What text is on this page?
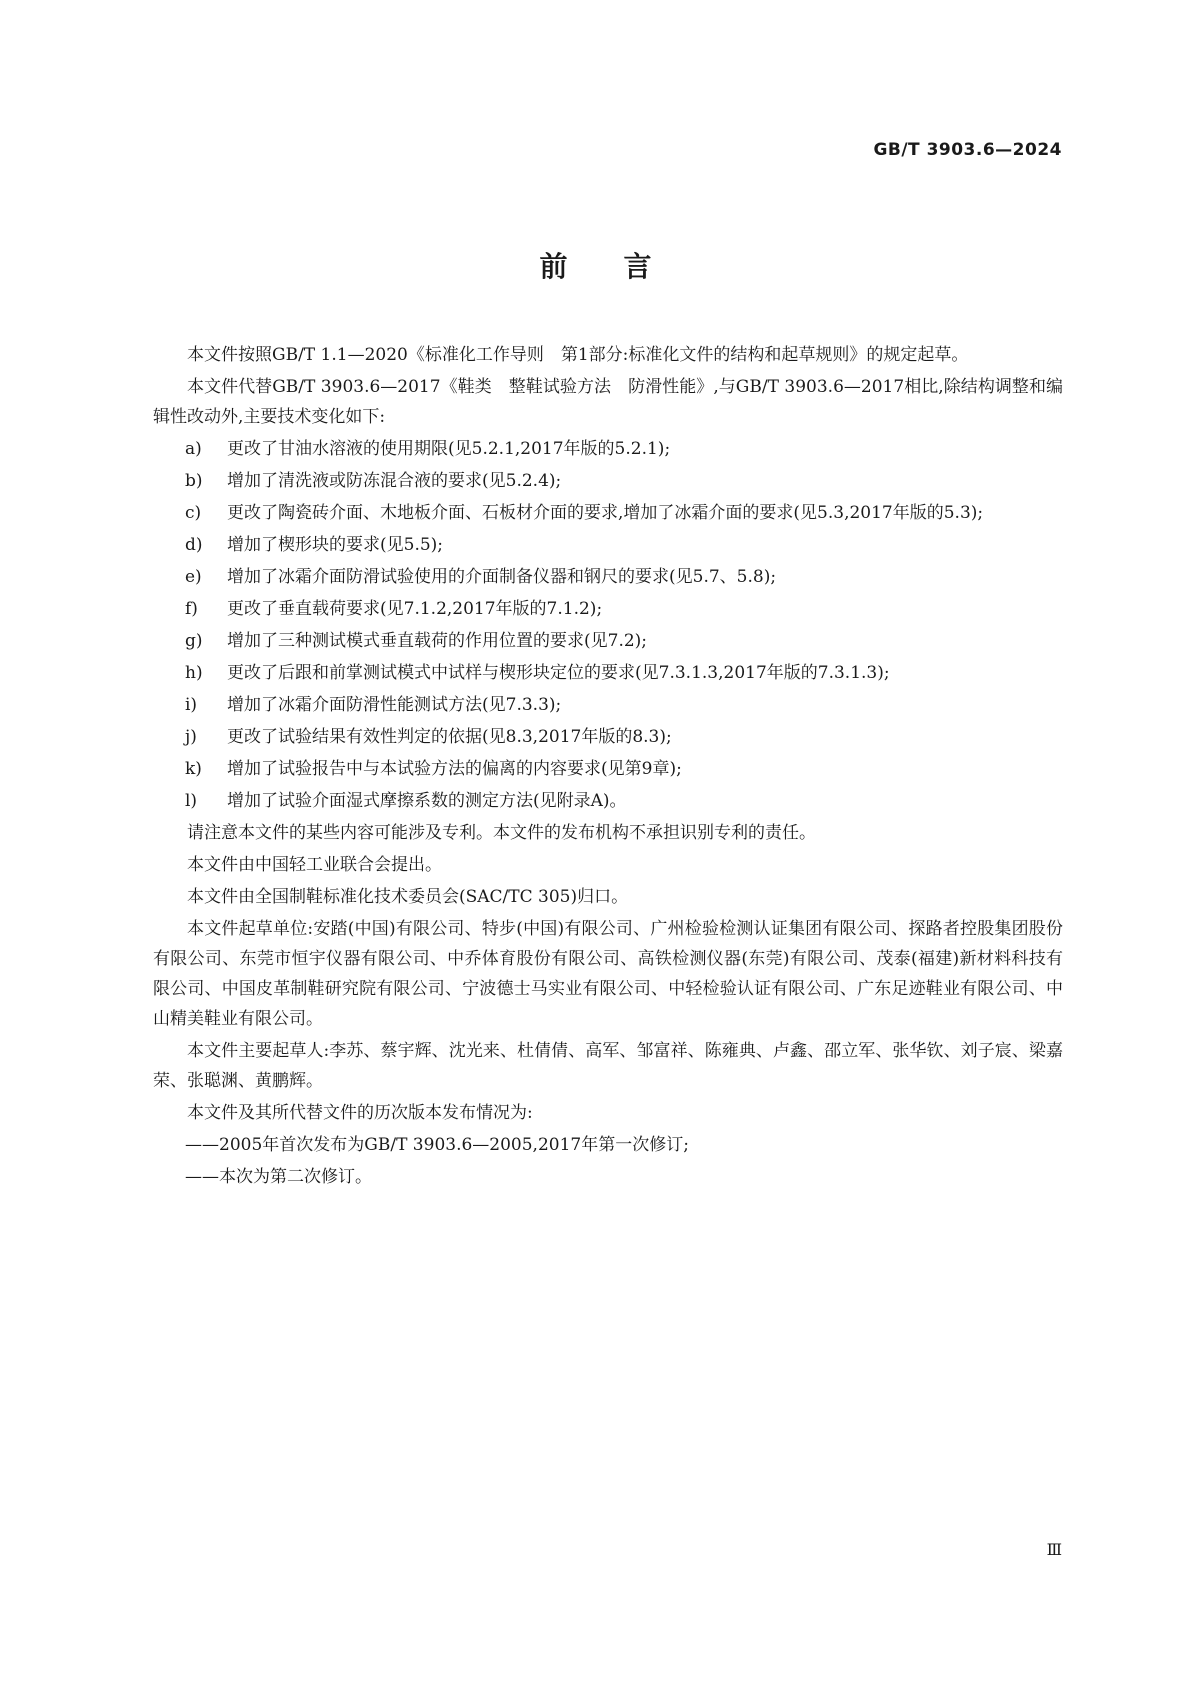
GB/T 3903.6—2024
前言

本文件按照GB/T 1.1—2020《标准化工作导则　第1部分:标准化文件的结构和起草规则》的规定起草。

本文件代替GB/T 3903.6—2017《鞋类　整鞋试验方法　防滑性能》,与GB/T 3903.6—2017相比,除结构调整和编辑性改动外,主要技术变化如下:

a)	更改了甘油水溶液的使用期限(见5.2.1,2017年版的5.2.1);
b)	增加了清洗液或防冻混合液的要求(见5.2.4);
c)	更改了陶瓷砖介面、木地板介面、石板材介面的要求,增加了冰霜介面的要求(见5.3,2017年版的5.3);
d)	增加了楔形块的要求(见5.5);
e)	增加了冰霜介面防滑试验使用的介面制备仪器和钢尺的要求(见5.7、5.8);
f)	更改了垂直载荷要求(见7.1.2,2017年版的7.1.2);
g)	增加了三种测试模式垂直载荷的作用位置的要求(见7.2);
h)	更改了后跟和前掌测试模式中试样与楔形块定位的要求(见7.3.1.3,2017年版的7.3.1.3);
i)	增加了冰霜介面防滑性能测试方法(见7.3.3);
j)	更改了试验结果有效性判定的依据(见8.3,2017年版的8.3);
k)	增加了试验报告中与本试验方法的偏离的内容要求(见第9章);
l)	增加了试验介面湿式摩擦系数的测定方法(见附录A)。

请注意本文件的某些内容可能涉及专利。本文件的发布机构不承担识别专利的责任。

本文件由中国轻工业联合会提出。

本文件由全国制鞋标准化技术委员会(SAC/TC 305)归口。

本文件起草单位:安踏(中国)有限公司、特步(中国)有限公司、广州检验检测认证集团有限公司、探路者控股集团股份有限公司、东莞市恒宇仪器有限公司、中乔体育股份有限公司、高铁检测仪器(东莞)有限公司、茂泰(福建)新材料科技有限公司、中国皮革制鞋研究院有限公司、宁波德士马实业有限公司、中轻检验认证有限公司、广东足迹鞋业有限公司、中山精美鞋业有限公司。

本文件主要起草人:李苏、蔡宇辉、沈光来、杜倩倩、高军、邹富祥、陈雍典、卢鑫、邵立军、张华钦、刘子宸、梁嘉荣、张聪渊、黄鹏辉。

本文件及其所代替文件的历次版本发布情况为:

——2005年首次发布为GB/T 3903.6—2005,2017年第一次修订;
——本次为第二次修订。
Ⅲ
